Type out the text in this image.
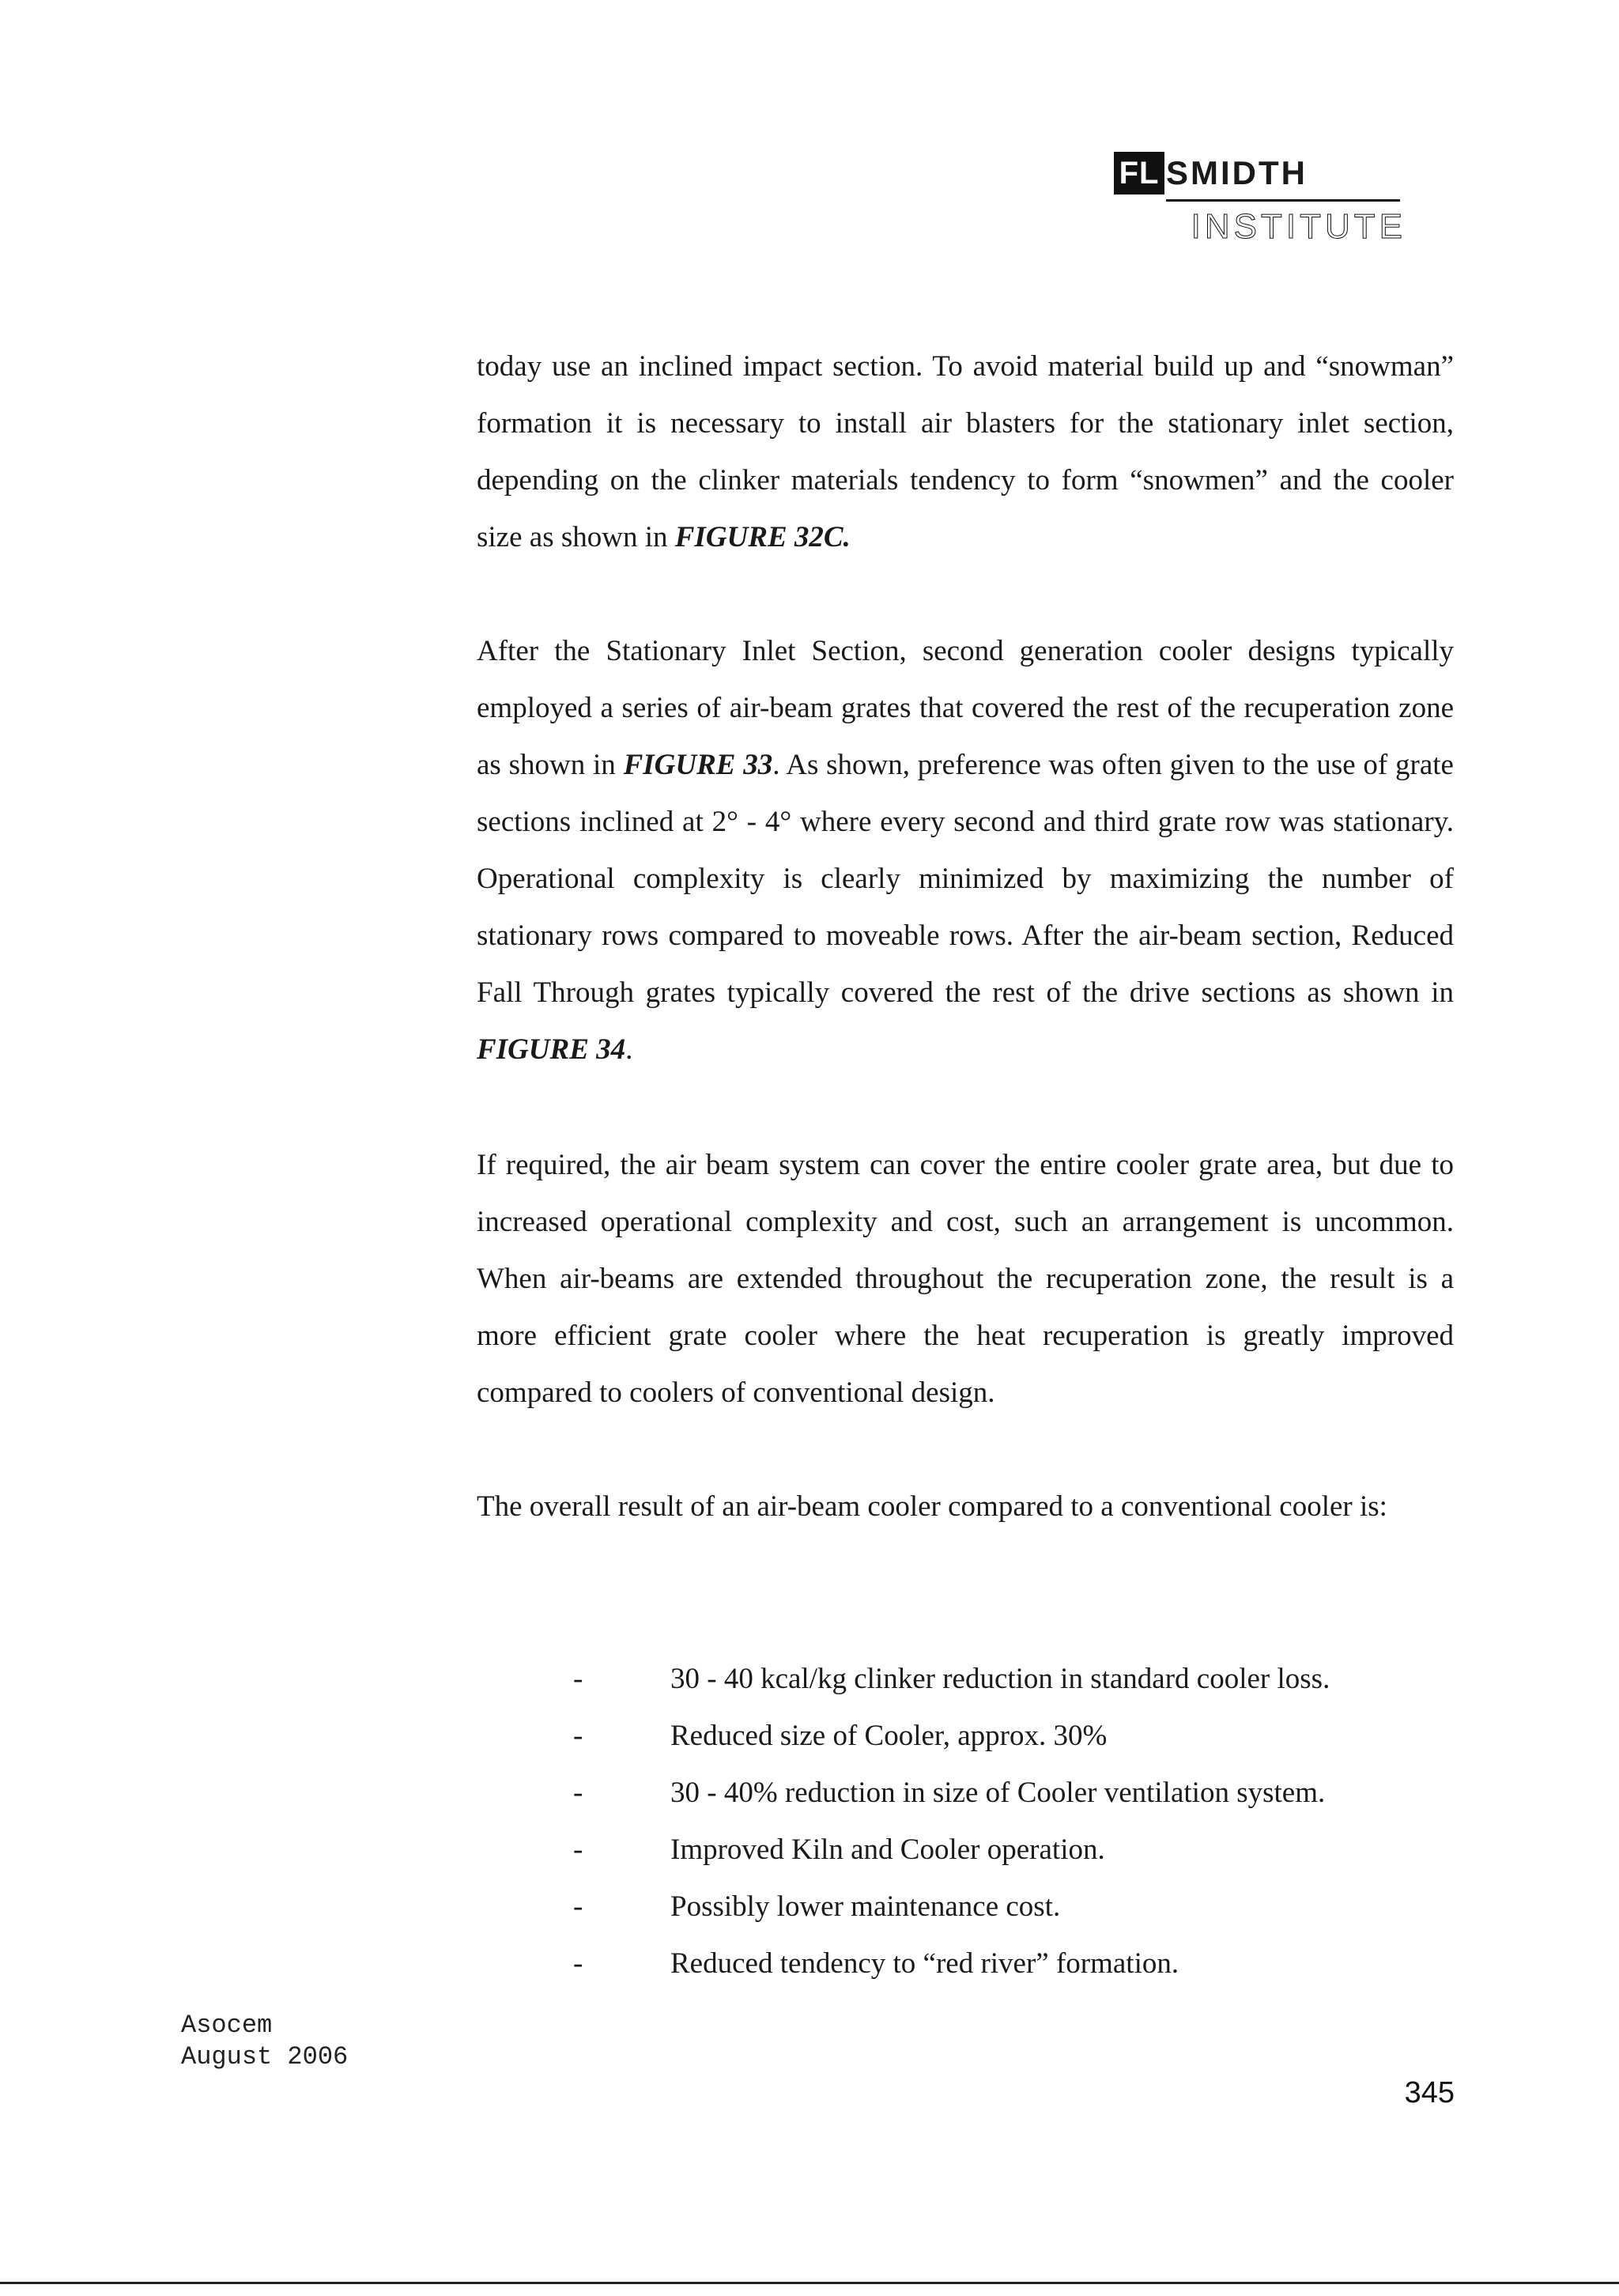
FL SMIDTH
INSTITUTE

today use an inclined impact section. To avoid material build up and “snowman” formation it is necessary to install air blasters for the stationary inlet section, depending on the clinker materials tendency to form “snowmen” and the cooler size as shown in FIGURE 32C.

After the Stationary Inlet Section, second generation cooler designs typically employed a series of air-beam grates that covered the rest of the recuperation zone as shown in FIGURE 33. As shown, preference was often given to the use of grate sections inclined at 2° - 4° where every second and third grate row was stationary. Operational complexity is clearly minimized by maximizing the number of stationary rows compared to moveable rows. After the air-beam section, Reduced Fall Through grates typically covered the rest of the drive sections as shown in FIGURE 34.

If required, the air beam system can cover the entire cooler grate area, but due to increased operational complexity and cost, such an arrangement is uncommon. When air-beams are extended throughout the recuperation zone, the result is a more efficient grate cooler where the heat recuperation is greatly improved compared to coolers of conventional design.

The overall result of an air-beam cooler compared to a conventional cooler is:

-	30 - 40 kcal/kg clinker reduction in standard cooler loss.
-	Reduced size of Cooler, approx. 30%
-	30 - 40% reduction in size of Cooler ventilation system.
-	Improved Kiln and Cooler operation.
-	Possibly lower maintenance cost.
-	Reduced tendency to “red river” formation.
Asocem
August 2006
345
